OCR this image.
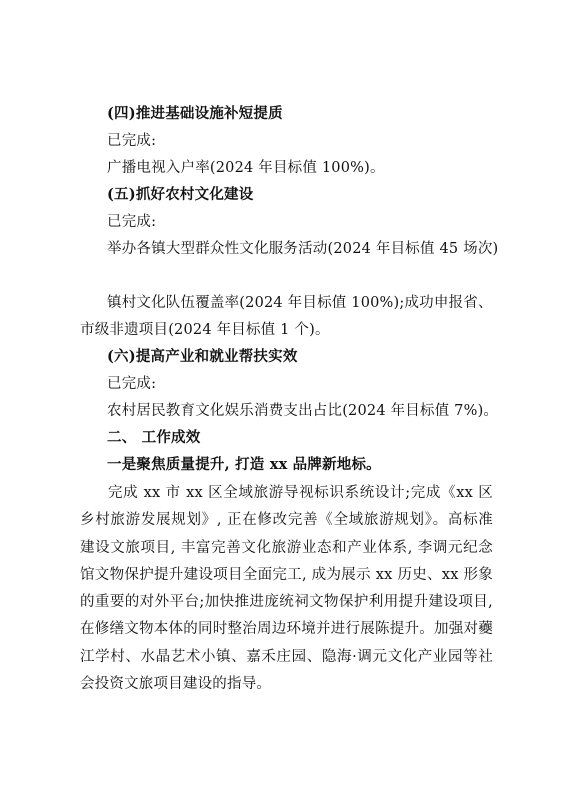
(四)推进基础设施补短提质
已完成:
广播电视入户率(2024 年目标值 100%)。
(五)抓好农村文化建设
已完成:
举办各镇大型群众性文化服务活动(2024 年目标值 45 场次)
镇村文化队伍覆盖率(2024 年目标值 100%);成功申报省、
市级非遗项目(2024 年目标值 1 个)。
(六)提高产业和就业帮扶实效
已完成:
农村居民教育文化娱乐消费支出占比(2024 年目标值 7%)。
二、 工作成效
一是聚焦质量提升, 打造 xx 品牌新地标。
完成 xx 市 xx 区全域旅游导视标识系统设计;完成《xx 区乡村旅游发展规划》, 正在修改完善《全域旅游规划》。高标准建设文旅项目, 丰富完善文化旅游业态和产业体系, 李调元纪念馆文物保护提升建设项目全面完工, 成为展示 xx 历史、xx 形象的重要的对外平台;加快推进庞统祠文物保护利用提升建设项目, 在修缮文物本体的同时整治周边环境并进行展陈提升。加强对虁江学村、水晶艺术小镇、嘉禾庄园、隐海·调元文化产业园等社会投资文旅项目建设的指导。
